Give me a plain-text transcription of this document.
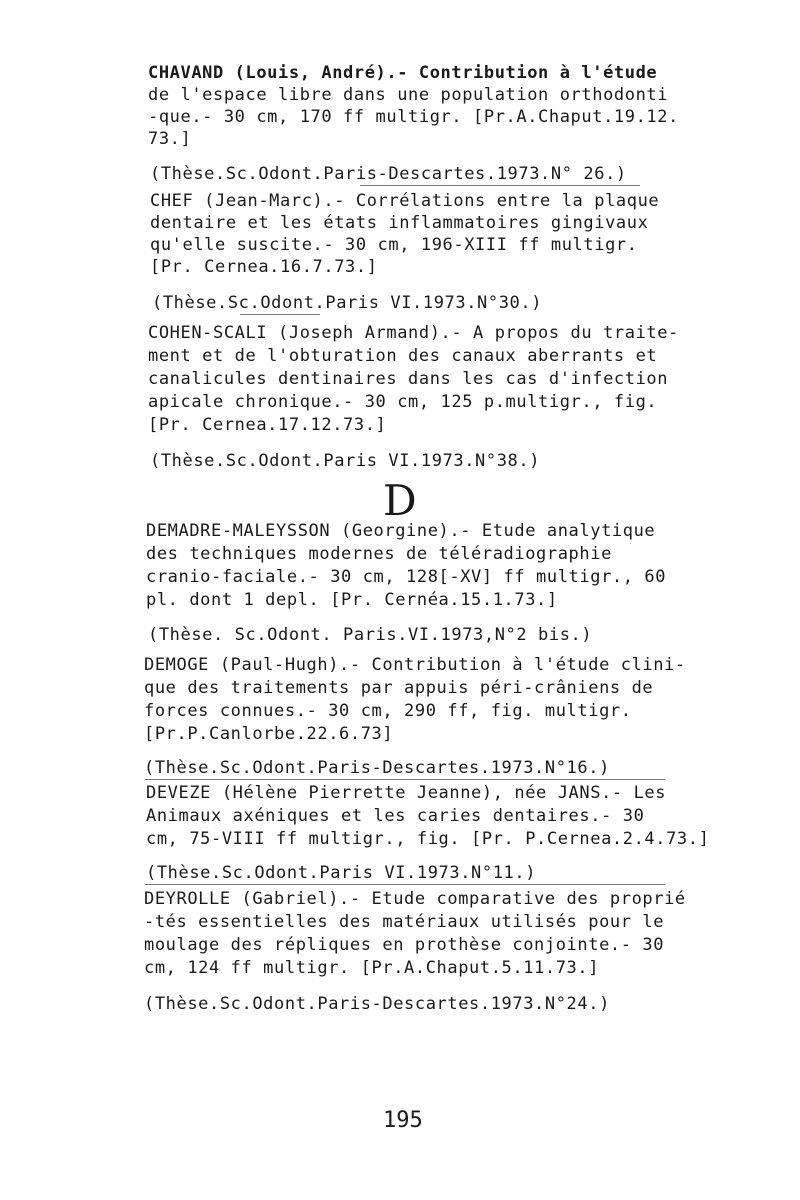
CHAVAND (Louis, André).- Contribution à l'étude
de l'espace libre dans une population orthodonti
-que.- 30 cm, 170 ff multigr. [Pr.A.Chaput.19.12.
73.]
(Thèse.Sc.Odont.Paris-Descartes.1973.N° 26.)
CHEF (Jean-Marc).- Corrélations entre la plaque
dentaire et les états inflammatoires gingivaux
qu'elle suscite.- 30 cm, 196-XIII ff multigr.
[Pr. Cernea.16.7.73.]
(Thèse.Sc.Odont.Paris VI.1973.N°30.)
COHEN-SCALI (Joseph Armand).- A propos du traite-
ment et de l'obturation des canaux aberrants et
canalicules dentinaires dans les cas d'infection
apicale chronique.- 30 cm, 125 p.multigr., fig.
[Pr. Cernea.17.12.73.]
(Thèse.Sc.Odont.Paris VI.1973.N°38.)
D
DEMADRE-MALEYSSON (Georgine).- Etude analytique
des techniques modernes de téléradiographie
cranio-faciale.- 30 cm, 128[-XV] ff multigr., 60
pl. dont 1 depl. [Pr. Cernéa.15.1.73.]
(Thèse. Sc.Odont. Paris.VI.1973,N°2 bis.)
DEMOGE (Paul-Hugh).- Contribution à l'étude clini-
que des traitements par appuis péri-crâniens de
forces connues.- 30 cm, 290 ff, fig. multigr.
[Pr.P.Canlorbe.22.6.73]
(Thèse.Sc.Odont.Paris-Descartes.1973.N°16.)
DEVEZE (Hélène Pierrette Jeanne), née JANS.- Les
Animaux axéniques et les caries dentaires.- 30
cm, 75-VIII ff multigr., fig. [Pr. P.Cernea.2.4.73.]
(Thèse.Sc.Odont.Paris VI.1973.N°11.)
DEYROLLE (Gabriel).- Etude comparative des proprié
-tés essentielles des matériaux utilisés pour le
moulage des répliques en prothèse conjointe.- 30
cm, 124 ff multigr. [Pr.A.Chaput.5.11.73.]
(Thèse.Sc.Odont.Paris-Descartes.1973.N°24.)
195
